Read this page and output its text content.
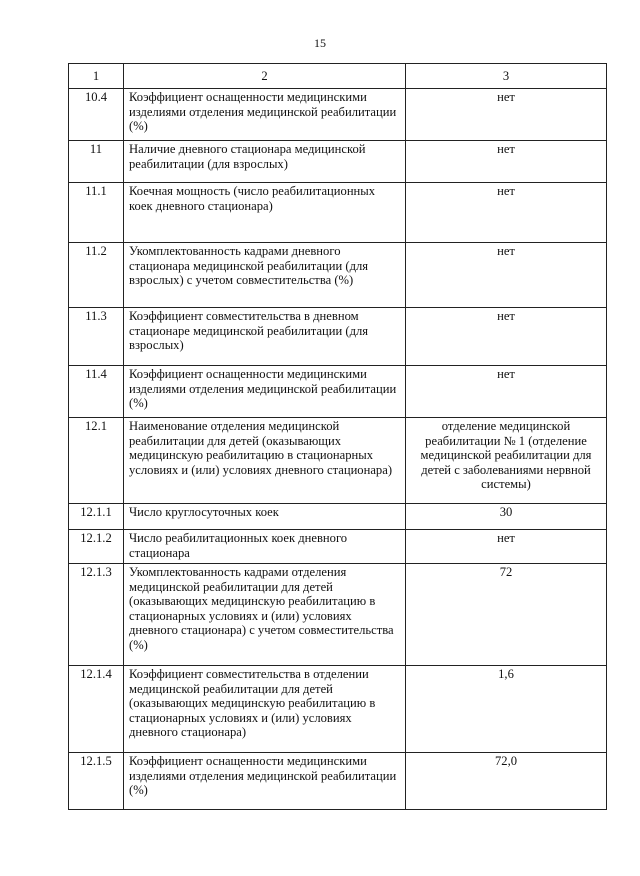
15
1	2	3
10.4	Коэффициент оснащенности медицинскими изделиями отделения медицинской реабилитации (%)	нет
11	Наличие дневного стационара медицинской реабилитации (для взрослых)	нет
11.1	Коечная мощность (число реабилитационных коек дневного стационара)	нет
11.2	Укомплектованность кадрами дневного стационара медицинской реабилитации (для взрослых) с учетом совместительства (%)	нет
11.3	Коэффициент совместительства в дневном стационаре медицинской реабилитации (для взрослых)	нет
11.4	Коэффициент оснащенности медицинскими изделиями отделения медицинской реабилитации (%)	нет
12.1	Наименование отделения медицинской реабилитации для детей (оказывающих медицинскую реабилитацию в стационарных условиях и (или) условиях дневного стационара)	отделение медицинской реабилитации № 1 (отделение медицинской реабилитации для детей с заболеваниями нервной системы)
12.1.1	Число круглосуточных коек	30
12.1.2	Число реабилитационных коек дневного стационара	нет
12.1.3	Укомплектованность кадрами отделения медицинской реабилитации для детей (оказывающих медицинскую реабилитацию в стационарных условиях и (или) условиях дневного стационара) с учетом совместительства (%)	72
12.1.4	Коэффициент совместительства в отделении медицинской реабилитации для детей (оказывающих медицинскую реабилитацию в стационарных условиях и (или) условиях дневного стационара)	1,6
12.1.5	Коэффициент оснащенности медицинскими изделиями отделения медицинской реабилитации (%)	72,0
